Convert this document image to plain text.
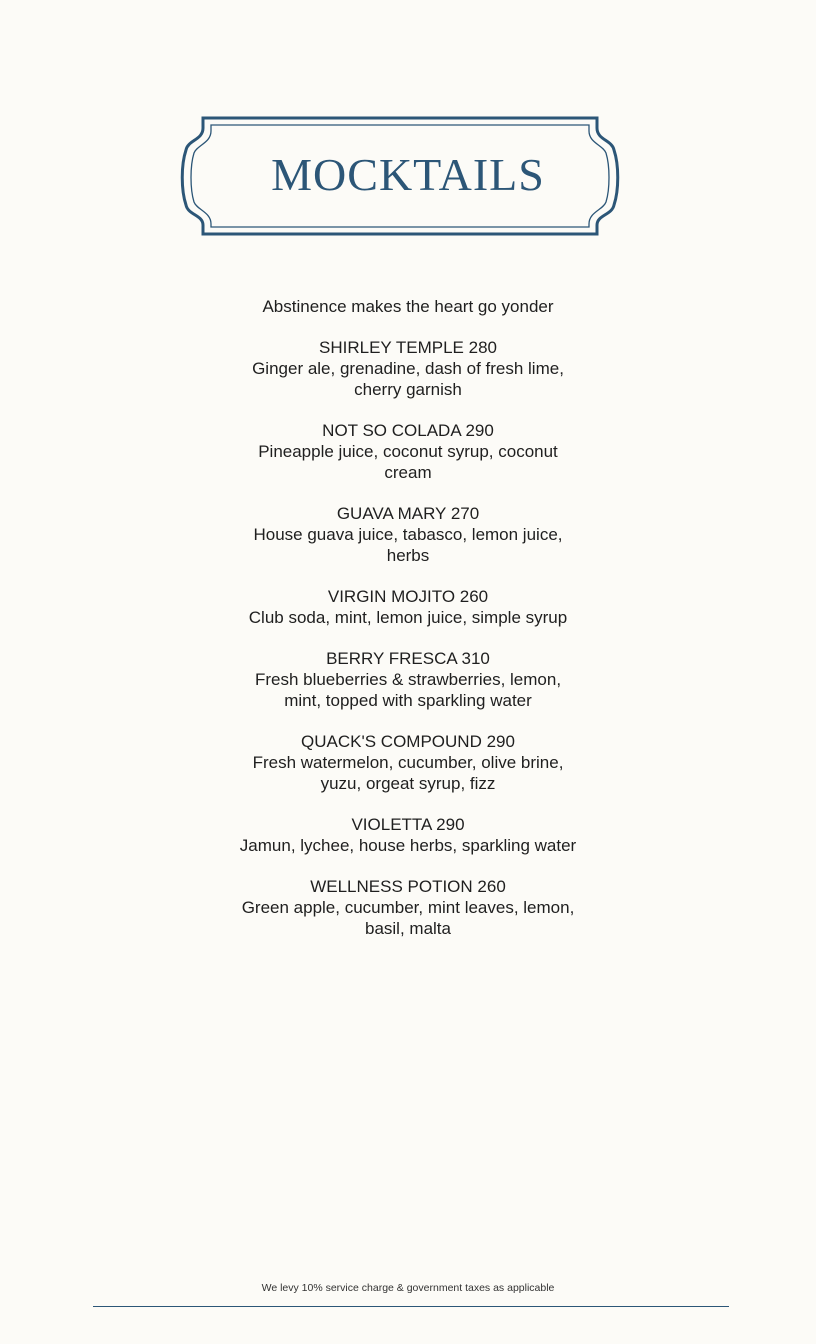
MOCKTAILS
Abstinence makes the heart go yonder
SHIRLEY TEMPLE 280
Ginger ale, grenadine, dash of fresh lime,
cherry garnish
NOT SO COLADA 290
Pineapple juice, coconut syrup, coconut
cream
GUAVA MARY 270
House guava juice, tabasco, lemon juice,
herbs
VIRGIN MOJITO 260
Club soda, mint, lemon juice, simple syrup
BERRY FRESCA 310
Fresh blueberries & strawberries, lemon,
mint, topped with sparkling water
QUACK'S COMPOUND 290
Fresh watermelon, cucumber, olive brine,
yuzu, orgeat syrup, fizz
VIOLETTA 290
Jamun, lychee, house herbs, sparkling water
WELLNESS POTION 260
Green apple, cucumber, mint leaves, lemon,
basil, malta
We levy 10% service charge & government taxes as applicable
